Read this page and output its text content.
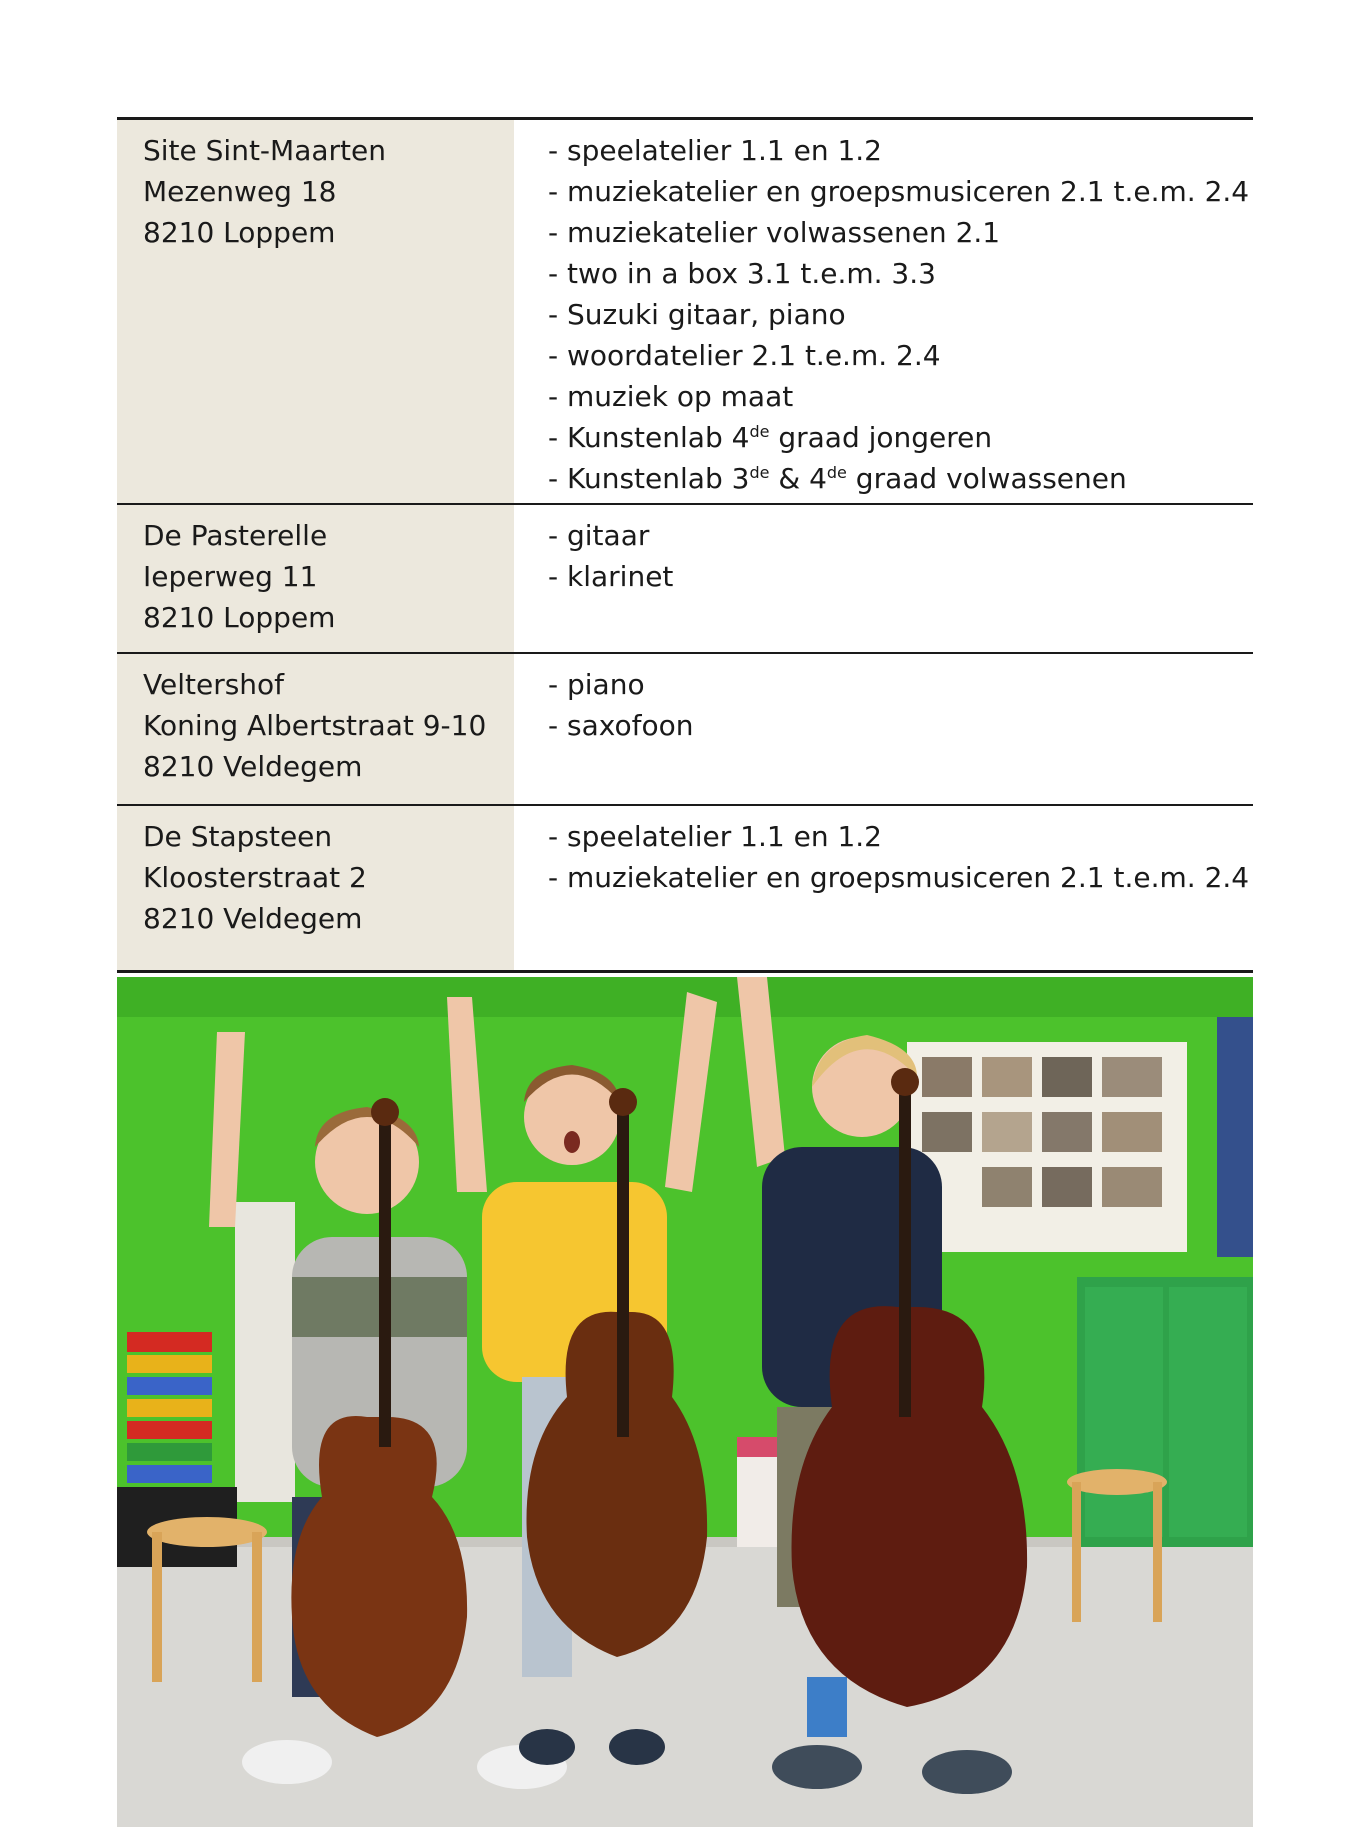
Site Sint-Maarten
Mezenweg 18
8210 Loppem
- speelatelier 1.1 en 1.2
- muziekatelier en groepsmusiceren 2.1 t.e.m. 2.4
- muziekatelier volwassenen 2.1
- two in a box 3.1 t.e.m. 3.3
- Suzuki gitaar, piano
- woordatelier 2.1 t.e.m. 2.4
- muziek op maat
- Kunstenlab 4de graad jongeren
- Kunstenlab 3de & 4de graad volwassenen
De Pasterelle
Ieperweg 11
8210 Loppem
- gitaar
- klarinet
Veltershof
Koning Albertstraat 9-10
8210 Veldegem
- piano
- saxofoon
De Stapsteen
Kloosterstraat 2
8210 Veldegem
- speelatelier 1.1 en 1.2
- muziekatelier en groepsmusiceren 2.1 t.e.m. 2.4
